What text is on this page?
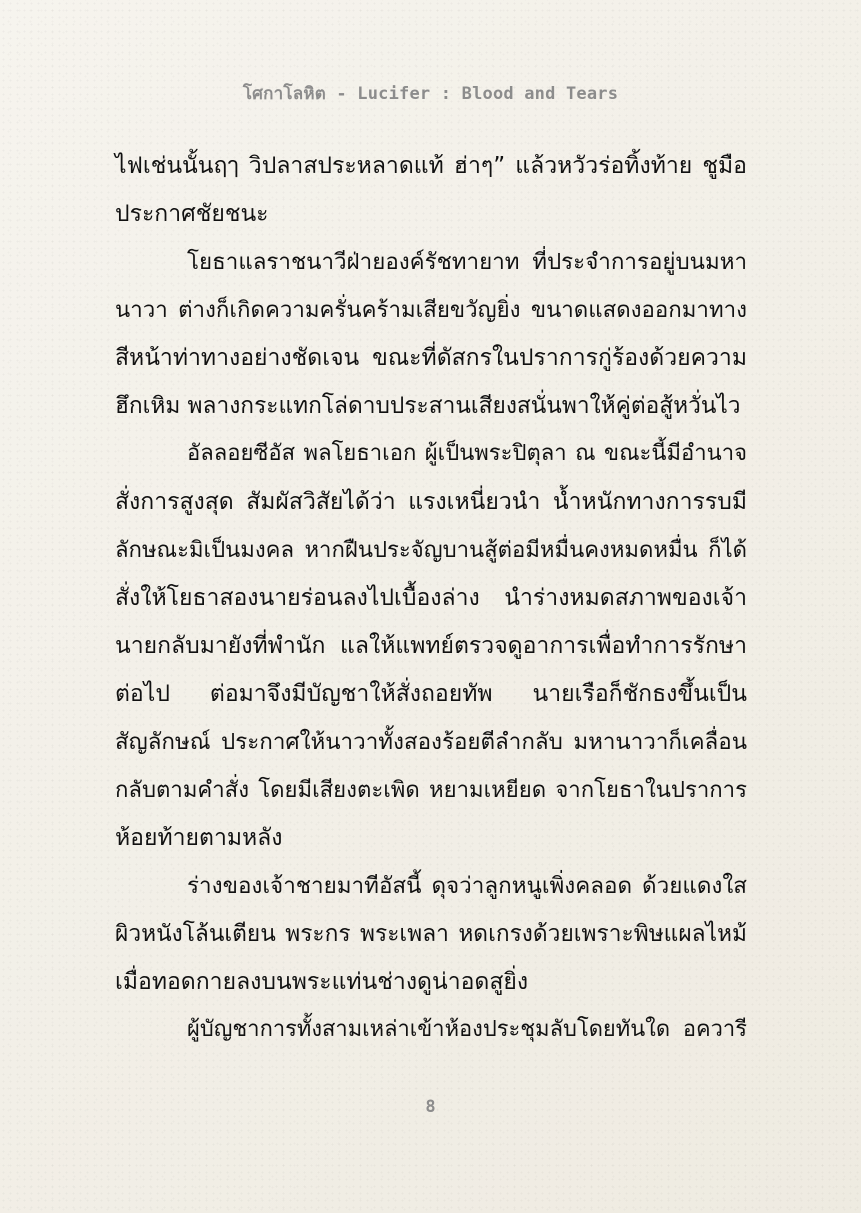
โศกาโลหิต - Lucifer : Blood and Tears
ไฟเช่นนั้นฤๅ วิปลาสประหลาดแท้ ฮ่าๆ” แล้วหวัวร่อทิ้งท้าย ชูมือ
ประกาศชัยชนะ
โยธาแลราชนาวีฝ่ายองค์รัชทายาท ที่ประจำการอยู่บนมหา
นาวา ต่างก็เกิดความครั่นคร้ามเสียขวัญยิ่ง ขนาดแสดงออกมาทาง
สีหน้าท่าทางอย่างชัดเจน ขณะที่ดัสกรในปราการกู่ร้องด้วยความ
ฮึกเหิม พลางกระแทกโล่ดาบประสานเสียงสนั่นพาให้คู่ต่อสู้หวั่นไว
อัลลอยซีอัส พลโยธาเอก ผู้เป็นพระปิตุลา ณ ขณะนี้มีอำนาจ
สั่งการสูงสุด สัมผัสวิสัยได้ว่า แรงเหนี่ยวนำ น้ำหนักทางการรบมี
ลักษณะมิเป็นมงคล หากฝืนประจัญบานสู้ต่อมีหมื่นคงหมดหมื่น ก็ได้
สั่งให้โยธาสองนายร่อนลงไปเบื้องล่าง นำร่างหมดสภาพของเจ้า
นายกลับมายังที่พำนัก แลให้แพทย์ตรวจดูอาการเพื่อทำการรักษา
ต่อไป ต่อมาจึงมีบัญชาให้สั่งถอยทัพ นายเรือก็ชักธงขึ้นเป็น
สัญลักษณ์ ประกาศให้นาวาทั้งสองร้อยตีลำกลับ มหานาวาก็เคลื่อน
กลับตามคำสั่ง โดยมีเสียงตะเพิด หยามเหยียด จากโยธาในปราการ
ห้อยท้ายตามหลัง
ร่างของเจ้าชายมาทีอัสนี้ ดุจว่าลูกหนูเพิ่งคลอด ด้วยแดงใส
ผิวหนังโล้นเตียน พระกร พระเพลา หดเกรงด้วยเพราะพิษแผลไหม้
เมื่อทอดกายลงบนพระแท่นช่างดูน่าอดสูยิ่ง
ผู้บัญชาการทั้งสามเหล่าเข้าห้องประชุมลับโดยทันใด อควารี
8
